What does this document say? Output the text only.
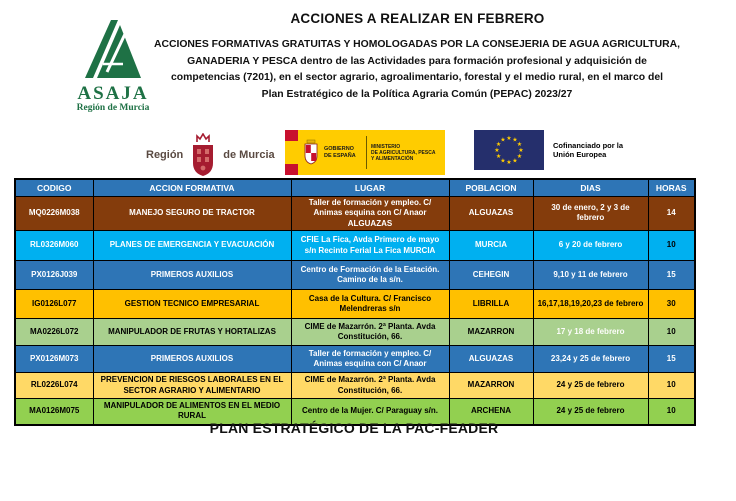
ASAJA
Región de Murcia
ACCIONES A REALIZAR EN FEBRERO
ACCIONES FORMATIVAS GRATUITAS Y HOMOLOGADAS POR LA CONSEJERIA DE AGUA AGRICULTURA,
GANADERIA Y PESCA dentro de las Actividades para formación profesional y adquisición de
competencias (7201), en el sector agrario, agroalimentario, forestal y el medio rural, en el marco del
Plan Estratégico de la Política Agraria Común (PEPAC) 2023/27
Región	de Murcia	GOBIERNO
DE ESPAÑA
MINISTERIO
DE AGRICULTURA, PESCA
Y ALIMENTACIÓN
★ ★
★
★
★
★
★
★
★
★
★
★
Cofinanciado por la
Unión Europea
CODIGO	ACCION FORMATIVA	LUGAR	POBLACION	DIAS	HORAS
MQ0226M038	MANEJO SEGURO DE TRACTOR	Taller de formación y empleo. C/ Animas esquina con C/ Anaor ALGUAZAS	ALGUAZAS	30 de enero, 2 y 3 de febrero	14
RL0326M060	PLANES DE EMERGENCIA Y EVACUACIÓN	CFIE La Fica, Avda Primero de mayo s/n Recinto Ferial La Fica MURCIA	MURCIA	6 y 20 de febrero	10
PX0126J039	PRIMEROS AUXILIOS	Centro de Formación de la Estación. Camino de la s/n.	CEHEGIN	9,10 y 11 de febrero	15
IG0126L077	GESTION TECNICO EMPRESARIAL	Casa de la Cultura. C/ Francisco Melendreras s/n	LIBRILLA	16,17,18,19,20,23 de febrero	30
MA0226L072	MANIPULADOR DE FRUTAS Y HORTALIZAS	CIME de Mazarrón. 2ª Planta. Avda Constitución, 66.	MAZARRON	17 y 18 de febrero	10
PX0126M073	PRIMEROS AUXILIOS	Taller de formación y empleo. C/ Animas esquina con C/ Anaor	ALGUAZAS	23,24 y 25 de febrero	15
RL0226L074	PREVENCION DE RIESGOS LABORALES EN EL SECTOR AGRARIO Y ALIMENTARIO	CIME de Mazarrón. 2ª Planta. Avda Constitución, 66.	MAZARRON	24 y 25 de febrero	10
MA0126M075	MANIPULADOR DE ALIMENTOS EN EL MEDIO RURAL	Centro de la Mujer. C/ Paraguay s/n.	ARCHENA	24 y 25 de febrero	10
PLAN ESTRATÉGICO DE LA PAC-FEADER
